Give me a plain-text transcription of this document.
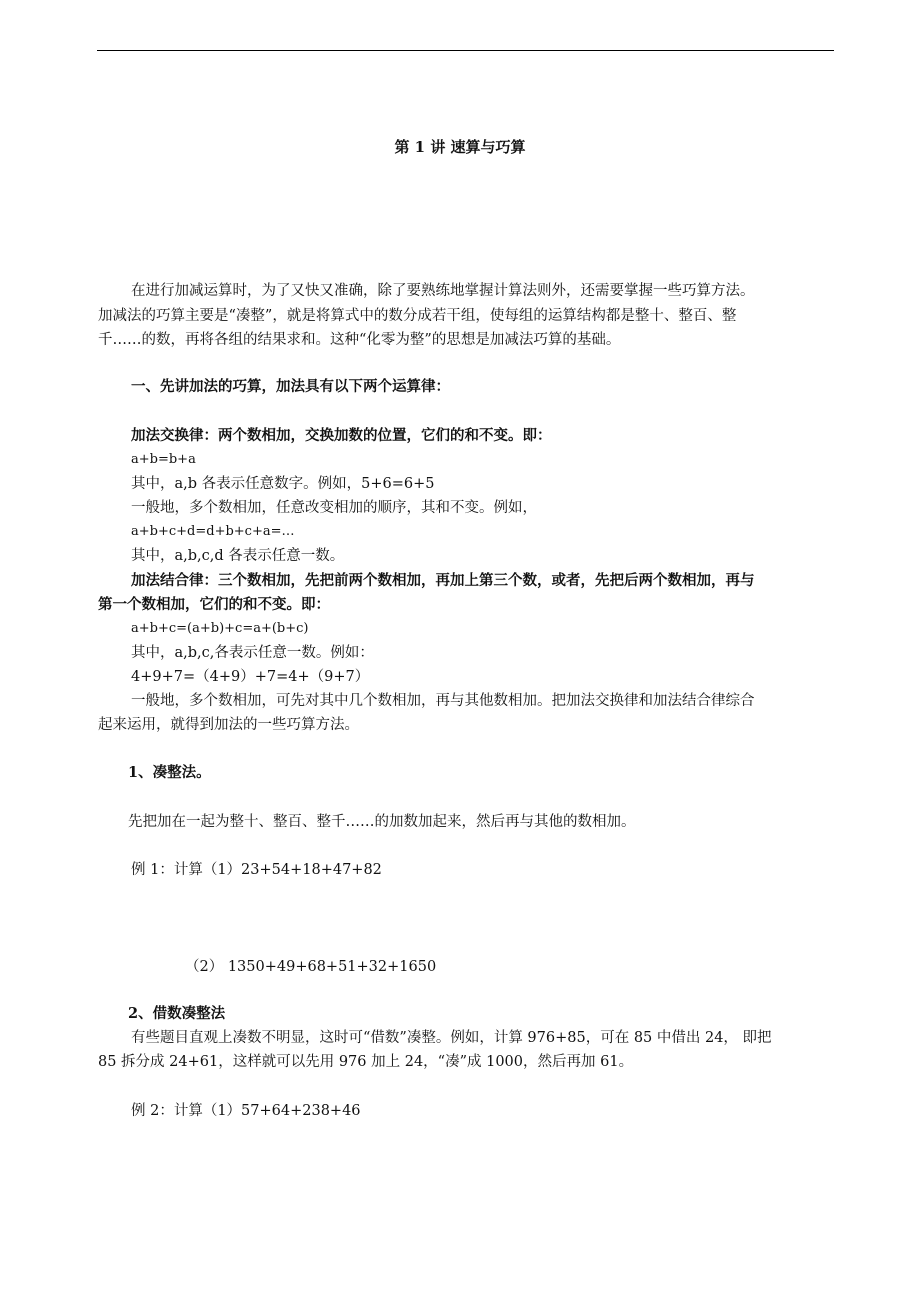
第 1 讲 速算与巧算
在进行加减运算时，为了又快又准确，除了要熟练地掌握计算法则外，还需要掌握一些巧算方法。
加减法的巧算主要是“凑整”，就是将算式中的数分成若干组，使每组的运算结构都是整十、整百、整
千……的数，再将各组的结果求和。这种“化零为整”的思想是加减法巧算的基础。
一、先讲加法的巧算，加法具有以下两个运算律：
加法交换律：两个数相加，交换加数的位置，它们的和不变。即：
a+b=b+a
其中，a,b 各表示任意数字。例如，5+6=6+5
一般地，多个数相加，任意改变相加的顺序，其和不变。例如，
a+b+c+d=d+b+c+a=…
其中，a,b,c,d 各表示任意一数。
加法结合律：三个数相加，先把前两个数相加，再加上第三个数，或者，先把后两个数相加，再与
第一个数相加，它们的和不变。即：
a+b+c=(a+b)+c=a+(b+c)
其中，a,b,c,各表示任意一数。例如：
4+9+7=（4+9）+7=4+（9+7）
一般地，多个数相加，可先对其中几个数相加，再与其他数相加。把加法交换律和加法结合律综合
起来运用，就得到加法的一些巧算方法。
1、凑整法。
先把加在一起为整十、整百、整千……的加数加起来，然后再与其他的数相加。
例 1：计算（1）23+54+18+47+82
（2） 1350+49+68+51+32+1650
2、借数凑整法
有些题目直观上凑数不明显，这时可“借数”凑整。例如，计算 976+85，可在 85 中借出 24， 即把
85 拆分成 24+61，这样就可以先用 976 加上 24，“凑”成 1000，然后再加 61。
例 2：计算（1）57+64+238+46
